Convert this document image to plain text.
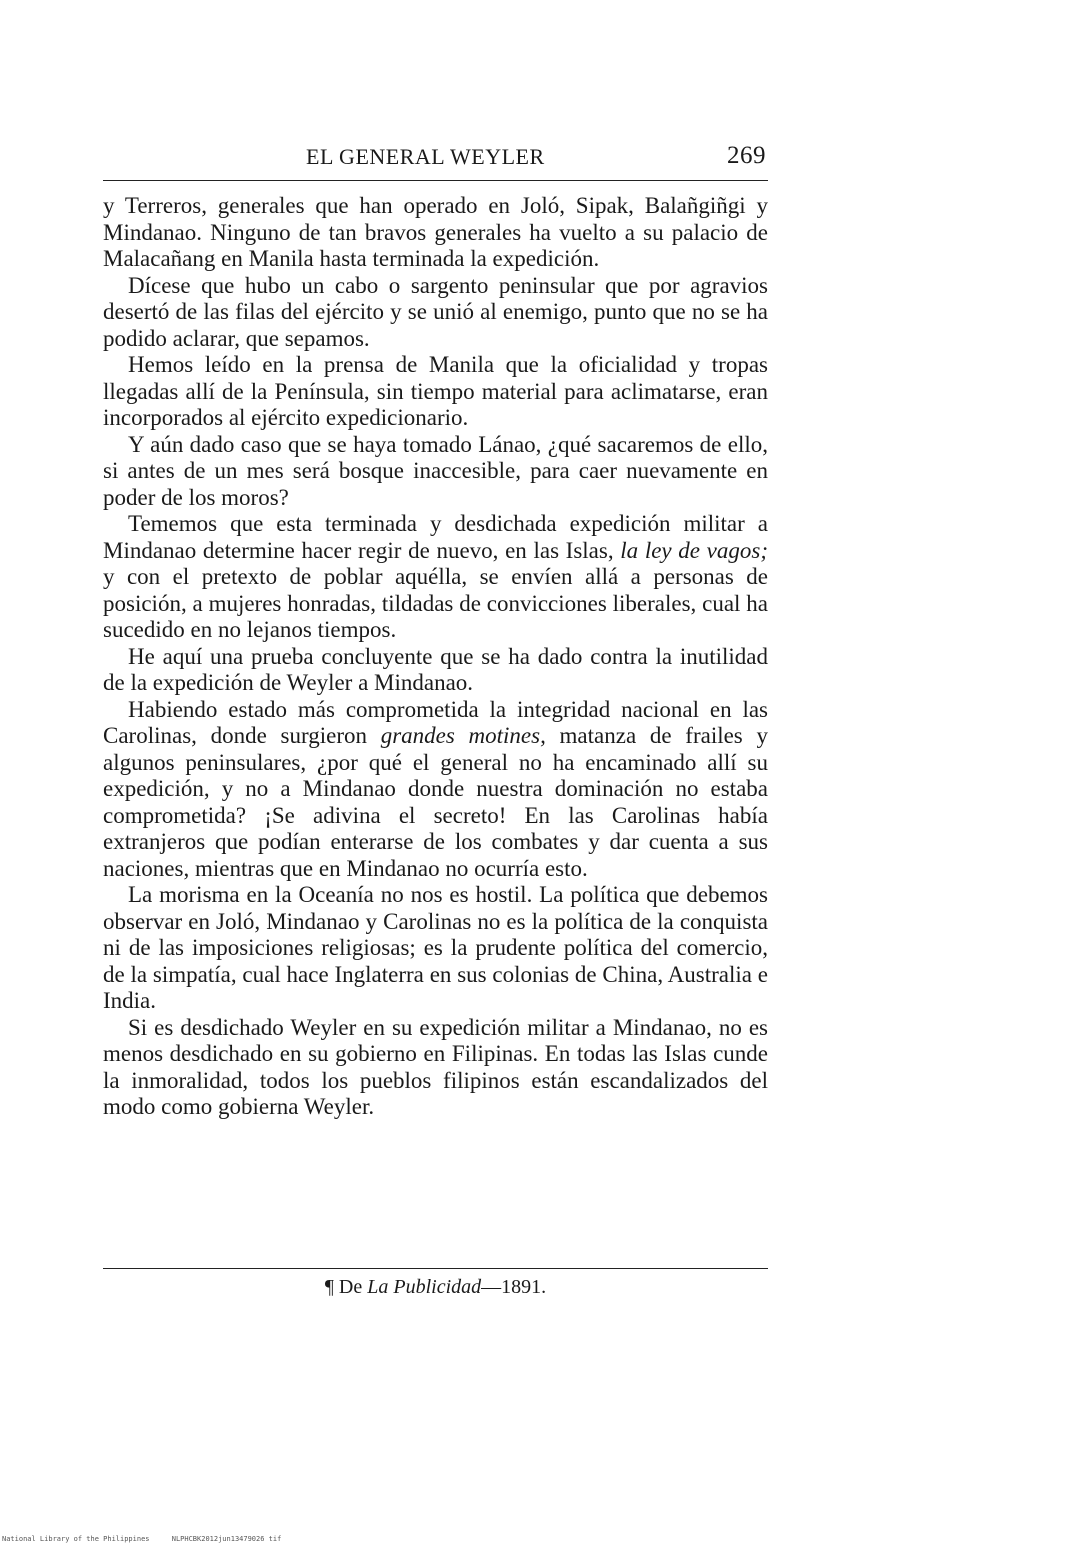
EL GENERAL WEYLER	269

y Terreros, generales que han operado en Joló, Sipak, Balañgiñgi y Mindanao. Ninguno de tan bravos generales ha vuelto a su palacio de Malacañang en Manila hasta terminada la expedición.

Dícese que hubo un cabo o sargento peninsular que por agravios desertó de las filas del ejército y se unió al enemigo, punto que no se ha podido aclarar, que sepamos.

Hemos leído en la prensa de Manila que la oficialidad y tropas llegadas allí de la Península, sin tiempo material para aclimatarse, eran incorporados al ejército expedicionario.

Y aún dado caso que se haya tomado Lánao, ¿qué sacaremos de ello, si antes de un mes será bosque inaccesible, para caer nuevamente en poder de los moros?

Tememos que esta terminada y desdichada expedición militar a Mindanao determine hacer regir de nuevo, en las Islas, la ley de vagos; y con el pretexto de poblar aquélla, se envíen allá a personas de posición, a mujeres honradas, tildadas de convicciones liberales, cual ha sucedido en no lejanos tiempos.

He aquí una prueba concluyente que se ha dado contra la inutilidad de la expedición de Weyler a Mindanao.

Habiendo estado más comprometida la integridad nacional en las Carolinas, donde surgieron grandes motines, matanza de frailes y algunos peninsulares, ¿por qué el general no ha encaminado allí su expedición, y no a Mindanao donde nuestra dominación no estaba comprometida? ¡Se adivina el secreto! En las Carolinas había extranjeros que podían enterarse de los combates y dar cuenta a sus naciones, mientras que en Mindanao no ocurría esto.

La morisma en la Oceanía no nos es hostil. La política que debemos observar en Joló, Mindanao y Carolinas no es la política de la conquista ni de las imposiciones religiosas; es la prudente política del comercio, de la simpatía, cual hace Inglaterra en sus colonias de China, Australia e India.

Si es desdichado Weyler en su expedición militar a Mindanao, no es menos desdichado en su gobierno en Filipinas. En todas las Islas cunde la inmoralidad, todos los pueblos filipinos están escandalizados del modo como gobierna Weyler.

¶ De La Publicidad—1891.
National Library of the Philippines	NLPHCBK2012jun13479026 tif
